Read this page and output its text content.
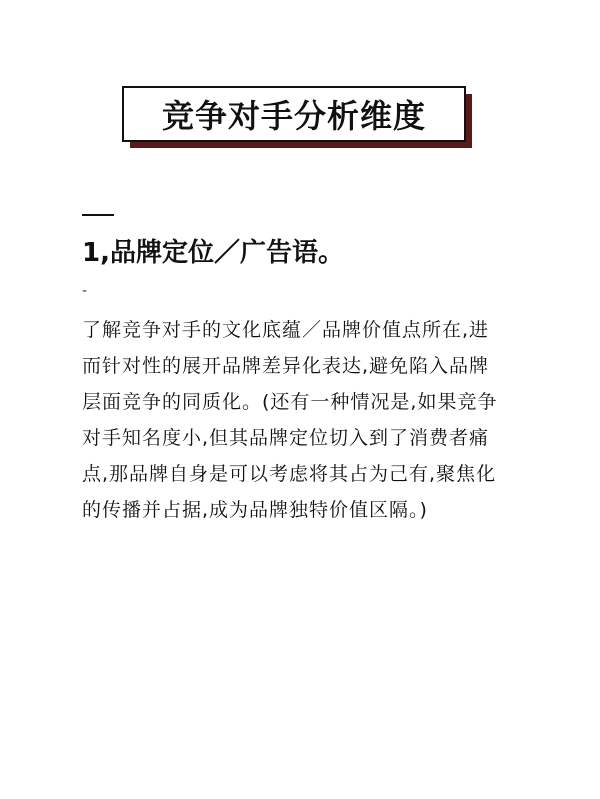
竞争对手分析维度
1,品牌定位／广告语。
-
了解竞争对手的文化底蕴／品牌价值点所在,进
而针对性的展开品牌差异化表达,避免陷入品牌
层面竞争的同质化。(还有一种情况是,如果竞争
对手知名度小,但其品牌定位切入到了消费者痛
点,那品牌自身是可以考虑将其占为己有,聚焦化
的传播并占据,成为品牌独特价值区隔。)
